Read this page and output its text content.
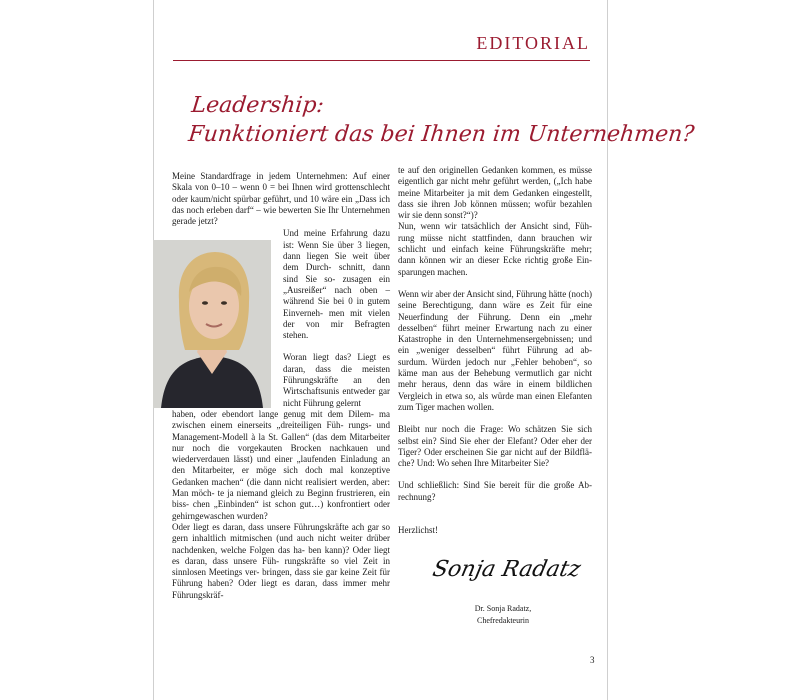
EDITORIAL
Leadership:
Funktioniert das bei Ihnen im Unternehmen?

Meine Standardfrage in jedem Unternehmen: Auf einer Skala von 0–10 – wenn 0 = bei Ihnen wird grottenschlecht oder kaum/nicht spürbar geführt, und 10 wäre ein „Dass ich das noch erleben darf“ – wie bewerten Sie Ihr Unternehmen gerade jetzt?

Und meine Erfahrung dazu ist: Wenn Sie über 3 liegen, dann liegen Sie weit über dem Durch- schnitt, dann sind Sie so- zusagen ein „Ausreißer“ nach oben – während Sie bei 0 in gutem Einverneh- men mit vielen der von mir Befragten stehen.

Woran liegt das? Liegt es daran, dass die meisten Führungskräfte an den Wirtschaftsunis entweder gar nicht Führung gelernt

haben, oder ebendort lange genug mit dem Dilem- ma zwischen einem einerseits „dreiteiligen Füh- rungs- und Management-Modell à la St. Gallen“ (das dem Mitarbeiter nur noch die vorgekauten Brocken nachkauen und wiederverdauen lässt) und einer „laufenden Einladung an den Mitarbeiter, er möge sich doch mal konzeptive Gedanken machen“ (die dann nicht realisiert werden, aber: Man möch- te ja niemand gleich zu Beginn frustrieren, ein biss- chen „Einbinden“ ist schon gut…) konfrontiert oder gehirngewaschen wurden?

Oder liegt es daran, dass unsere Führungskräfte ach gar so gern inhaltlich mitmischen (und auch nicht weiter drüber nachdenken, welche Folgen das ha- ben kann)? Oder liegt es daran, dass unsere Füh- rungskräfte so viel Zeit in sinnlosen Meetings ver- bringen, dass sie gar keine Zeit für Führung haben? Oder liegt es daran, dass immer mehr Führungskräf-

te auf den originellen Gedanken kommen, es müsse eigentlich gar nicht mehr geführt werden, („Ich habe meine Mitarbeiter ja mit dem Gedanken eingestellt, dass sie ihren Job können müssen; wofür bezahlen wir sie denn sonst?“)?

Nun, wenn wir tatsächlich der Ansicht sind, Füh- rung müsse nicht stattfinden, dann brauchen wir schlicht und einfach keine Führungskräfte mehr; dann können wir an dieser Ecke richtig große Ein- sparungen machen.

Wenn wir aber der Ansicht sind, Führung hätte (noch) seine Berechtigung, dann wäre es Zeit für eine Neuerfindung der Führung. Denn ein „mehr desselben“ führt meiner Erwartung nach zu einer Katastrophe in den Unternehmensergebnissen; und ein „weniger desselben“ führt Führung ad ab- surdum. Würden jedoch nur „Fehler behoben“, so käme man aus der Behebung vermutlich gar nicht mehr heraus, denn das wäre in einem bildlichen Vergleich in etwa so, als würde man einen Elefanten zum Tiger machen wollen.

Bleibt nur noch die Frage: Wo schätzen Sie sich selbst ein? Sind Sie eher der Elefant? Oder eher der Tiger? Oder erscheinen Sie gar nicht auf der Bildflä- che? Und: Wo sehen Ihre Mitarbeiter Sie?

Und schließlich: Sind Sie bereit für die große Ab- rechnung?

Herzlichst!

Sonja Radatz
Dr. Sonja Radatz,
Chefredakteurin
3
